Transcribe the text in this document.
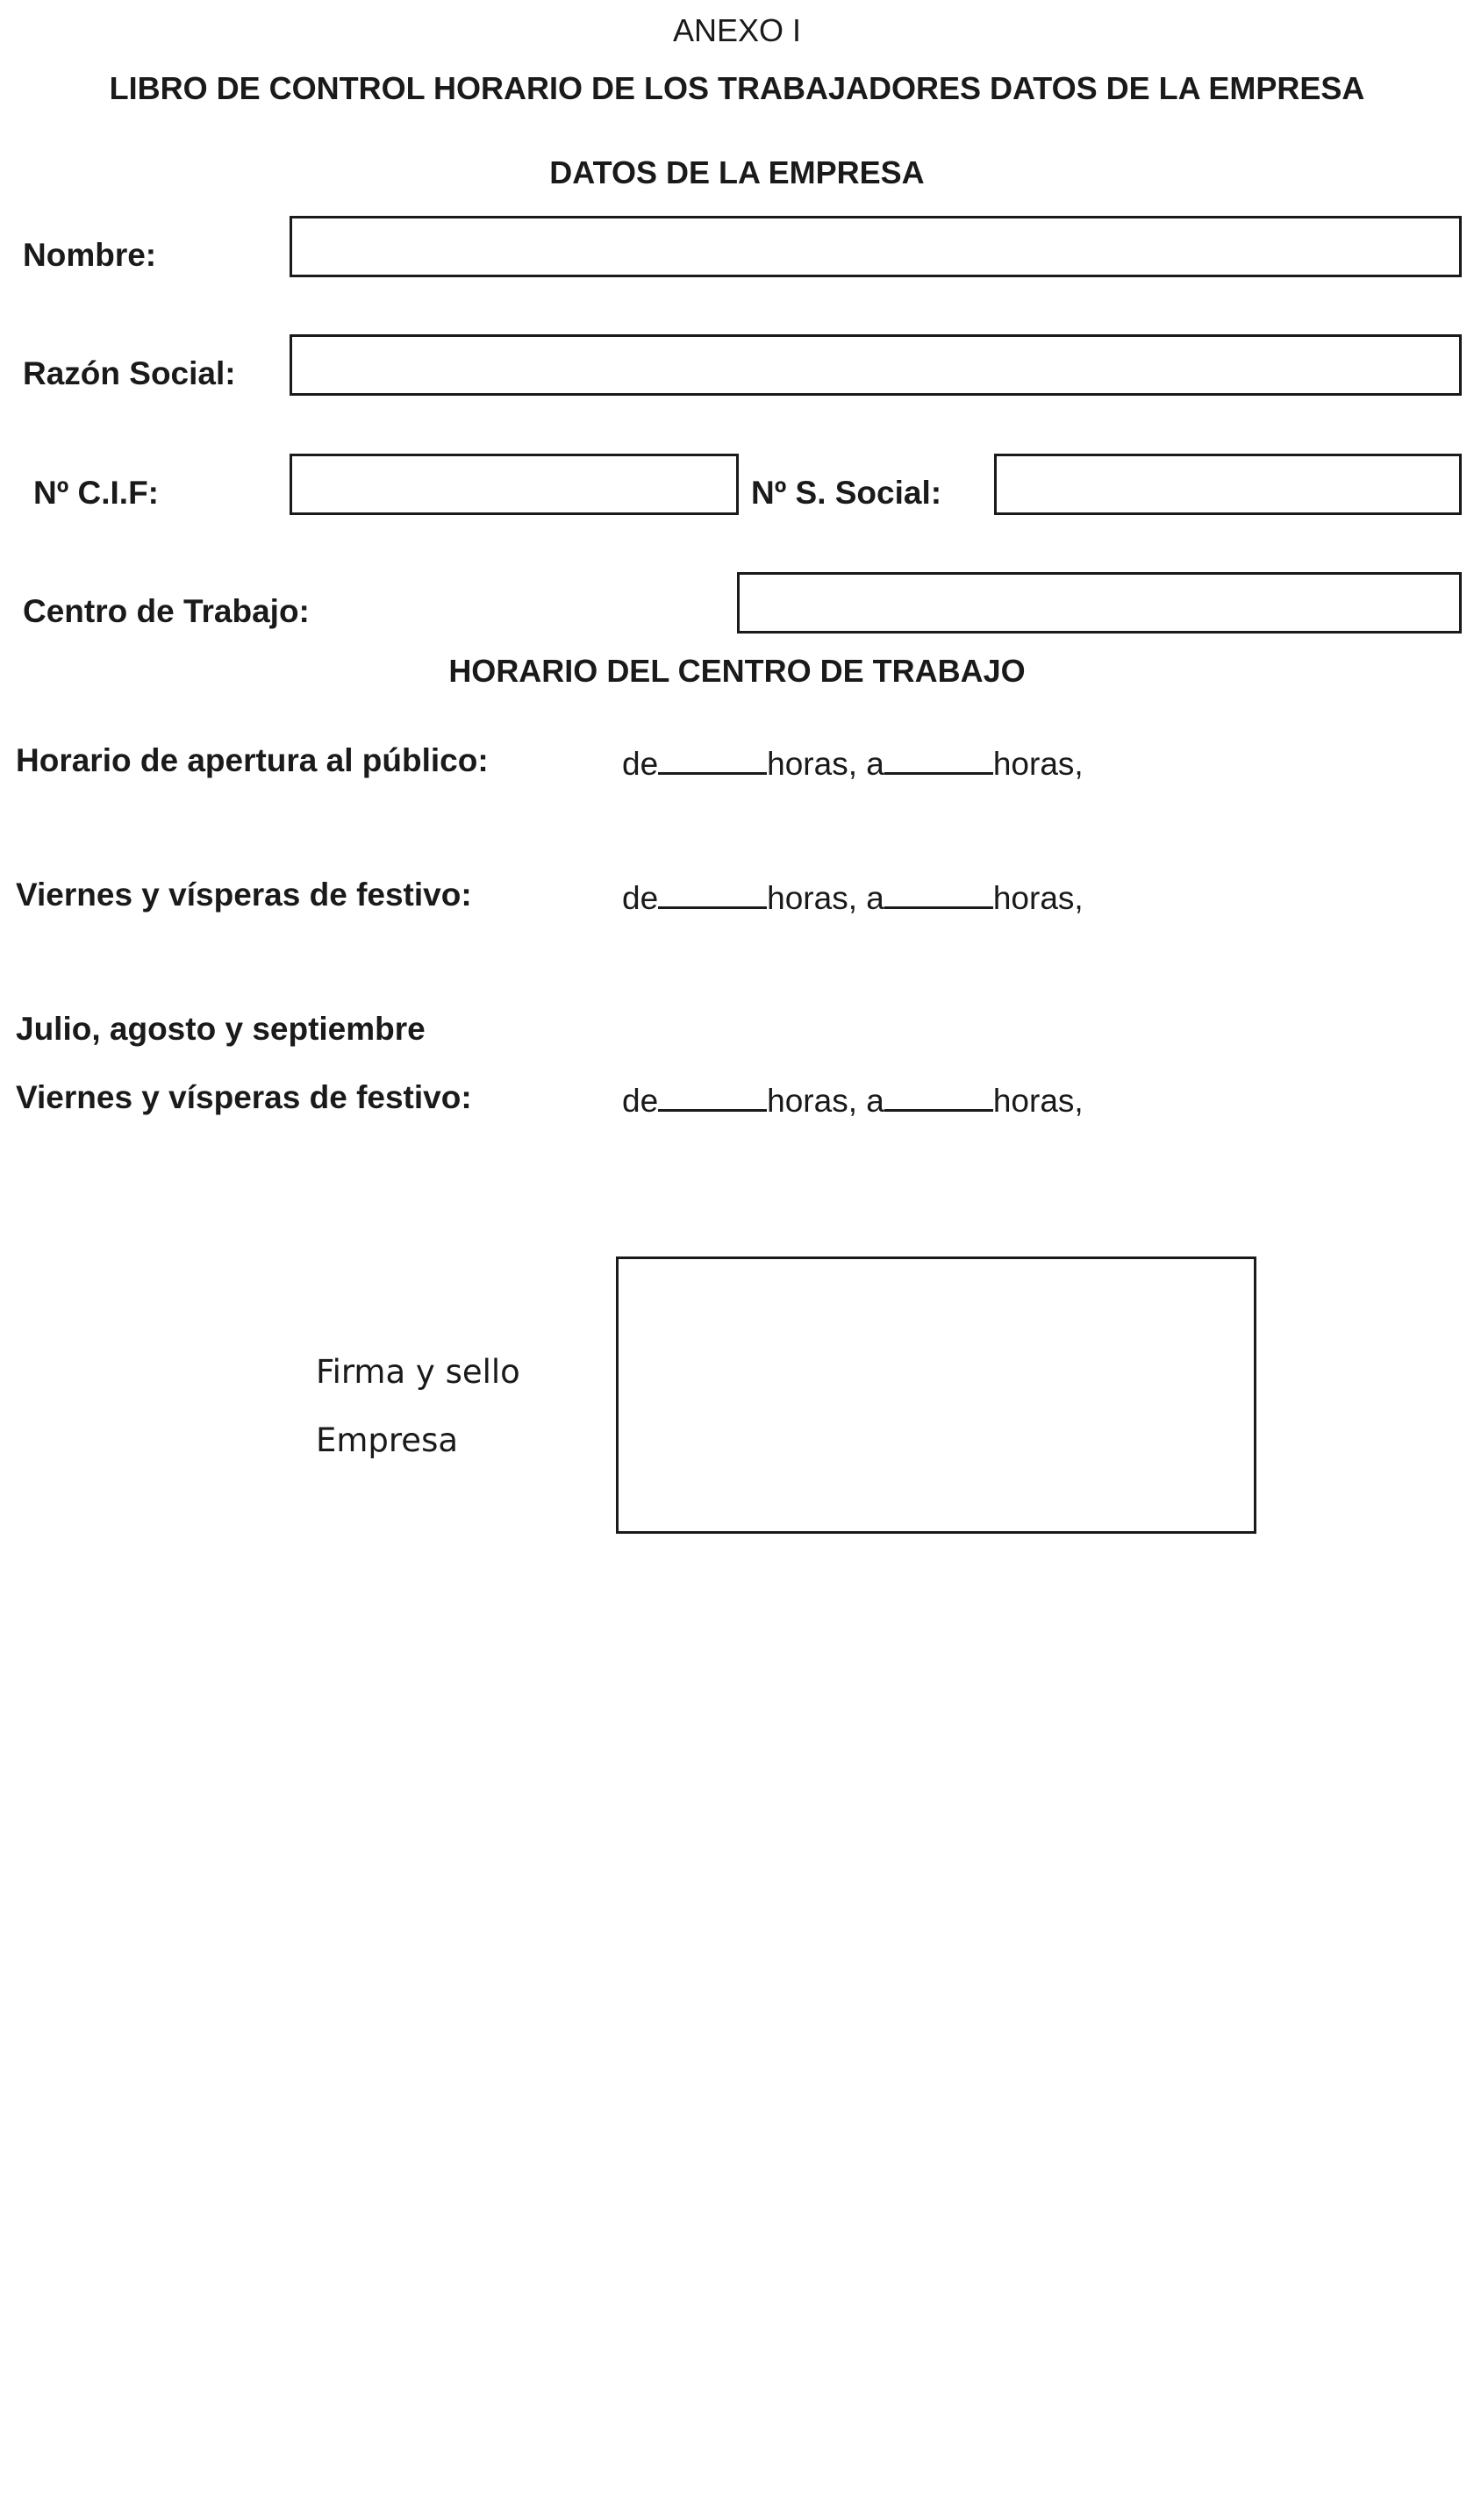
ANEXO I
LIBRO DE CONTROL HORARIO DE LOS TRABAJADORES DATOS DE LA EMPRESA
DATOS DE LA EMPRESA
Nombre:
Razón Social:
Nº C.I.F:	Nº S. Social:
Centro de Trabajo:
HORARIO DEL CENTRO DE TRABAJO
Horario de apertura al público:	de	horas, a	horas,
Viernes y vísperas de festivo:	de	horas, a	horas,
Julio, agosto y septiembre
Viernes y vísperas de festivo:	de	horas, a	horas,
Firma y sello
Empresa
